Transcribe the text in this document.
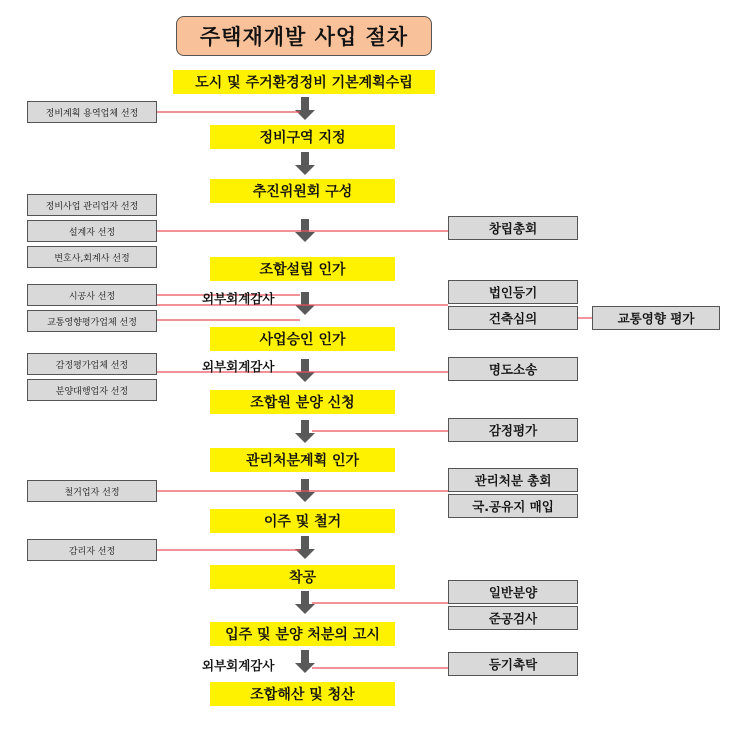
주택재개발 사업 절차
도시 및 주거환경정비 기본계획수립
정비구역 지정
추진위원회 구성
조합설립 인가
사업승인 인가
조합원 분양 신청
관리처분계획 인가
이주 및 철거
착공
입주 및 분양 처분의 고시
조합해산 및 청산
정비계획 용역업체 선정
정비사업 관리업자 선정
설계자 선정
변호사,회계사 선정
시공사 선정
교통영향평가업체 선정
감정평가업체 선정
분양대행업자 선정
철거업자 선정
감리자 선정
창립총회
법인등기
건축심의	교통영향 평가
명도소송
감정평가
관리처분 총회
국.공유지 매입
일반분양
준공검사
등기촉탁
외부회계감사
외부회계감사
외부회계감사
